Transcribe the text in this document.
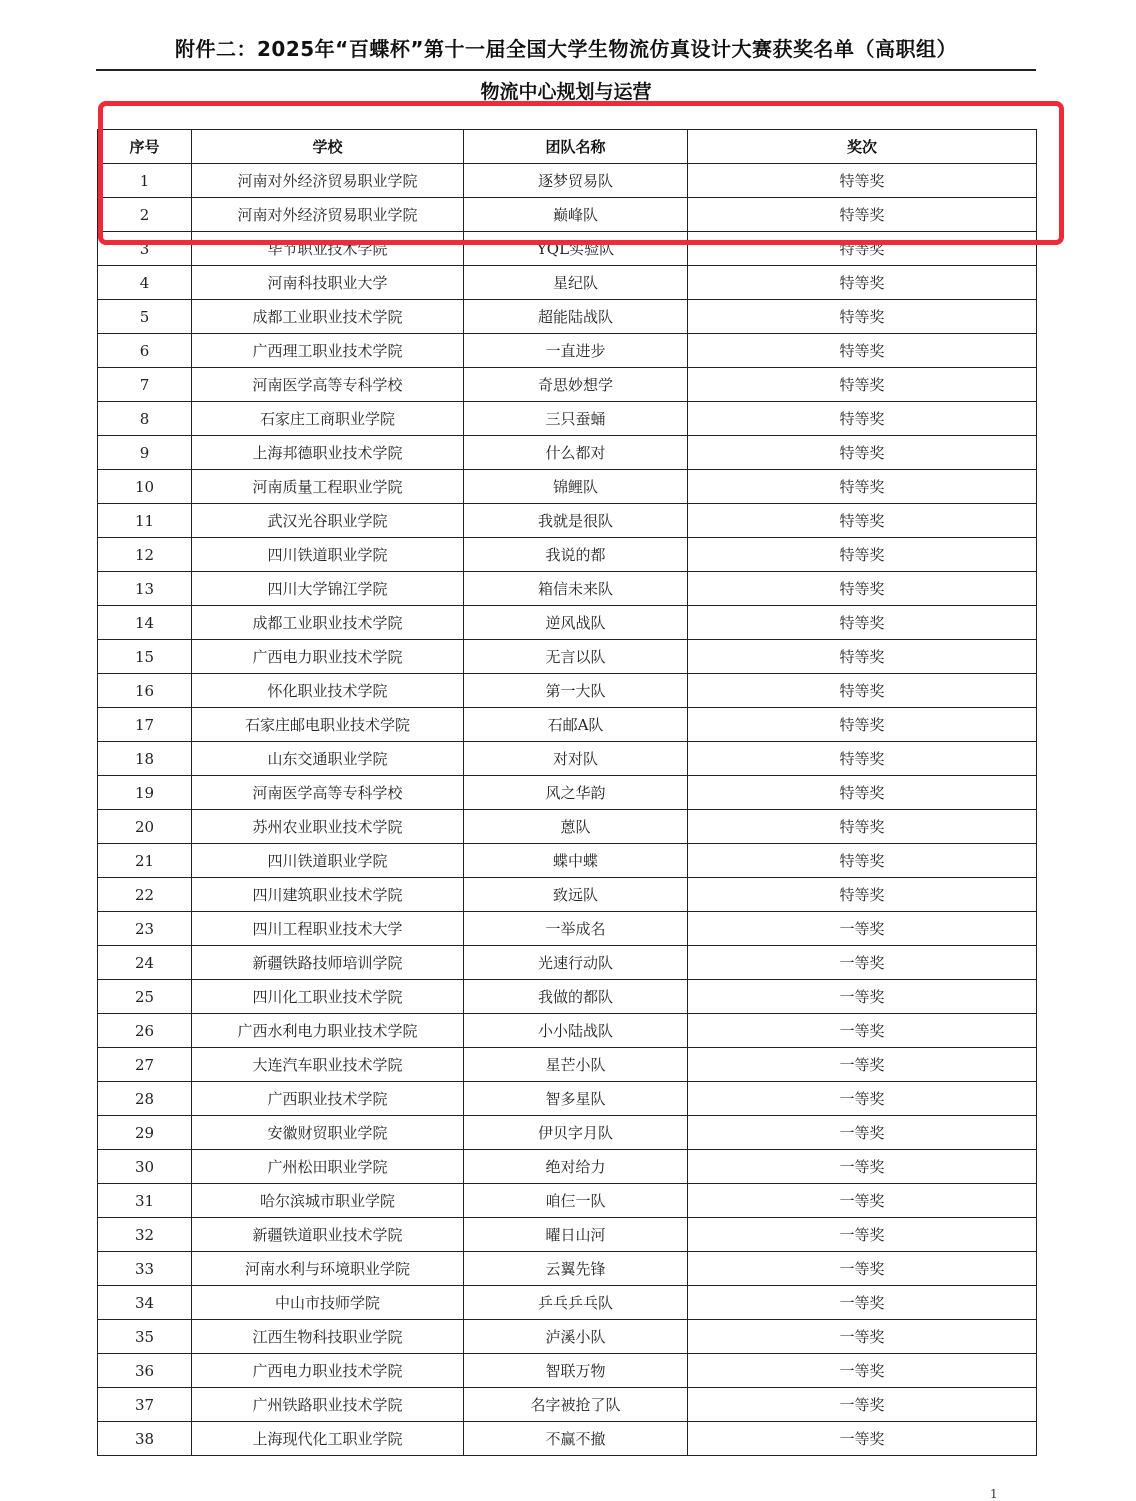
附件二：2025年“百蝶杯”第十一届全国大学生物流仿真设计大赛获奖名单（高职组）
物流中心规划与运营
序号	学校	团队名称	奖次
1	河南对外经济贸易职业学院	逐梦贸易队	特等奖
2	河南对外经济贸易职业学院	巅峰队	特等奖
3	毕节职业技术学院	YQL实验队	特等奖
4	河南科技职业大学	星纪队	特等奖
5	成都工业职业技术学院	超能陆战队	特等奖
6	广西理工职业技术学院	一直进步	特等奖
7	河南医学高等专科学校	奇思妙想学	特等奖
8	石家庄工商职业学院	三只蚕蛹	特等奖
9	上海邦德职业技术学院	什么都对	特等奖
10	河南质量工程职业学院	锦鲤队	特等奖
11	武汉光谷职业学院	我就是很队	特等奖
12	四川铁道职业学院	我说的都	特等奖
13	四川大学锦江学院	箱信未来队	特等奖
14	成都工业职业技术学院	逆风战队	特等奖
15	广西电力职业技术学院	无言以队	特等奖
16	怀化职业技术学院	第一大队	特等奖
17	石家庄邮电职业技术学院	石邮A队	特等奖
18	山东交通职业学院	对对队	特等奖
19	河南医学高等专科学校	风之华韵	特等奖
20	苏州农业职业技术学院	蒽队	特等奖
21	四川铁道职业学院	蝶中蝶	特等奖
22	四川建筑职业技术学院	致远队	特等奖
23	四川工程职业技术大学	一举成名	一等奖
24	新疆铁路技师培训学院	光速行动队	一等奖
25	四川化工职业技术学院	我做的都队	一等奖
26	广西水利电力职业技术学院	小小陆战队	一等奖
27	大连汽车职业技术学院	星芒小队	一等奖
28	广西职业技术学院	智多星队	一等奖
29	安徽财贸职业学院	伊贝字月队	一等奖
30	广州松田职业学院	绝对给力	一等奖
31	哈尔滨城市职业学院	咱仨一队	一等奖
32	新疆铁道职业技术学院	曜日山河	一等奖
33	河南水利与环境职业学院	云翼先锋	一等奖
34	中山市技师学院	乒乓乒乓队	一等奖
35	江西生物科技职业学院	泸溪小队	一等奖
36	广西电力职业技术学院	智联万物	一等奖
37	广州铁路职业技术学院	名字被抢了队	一等奖
38	上海现代化工职业学院	不赢不撤	一等奖
1
